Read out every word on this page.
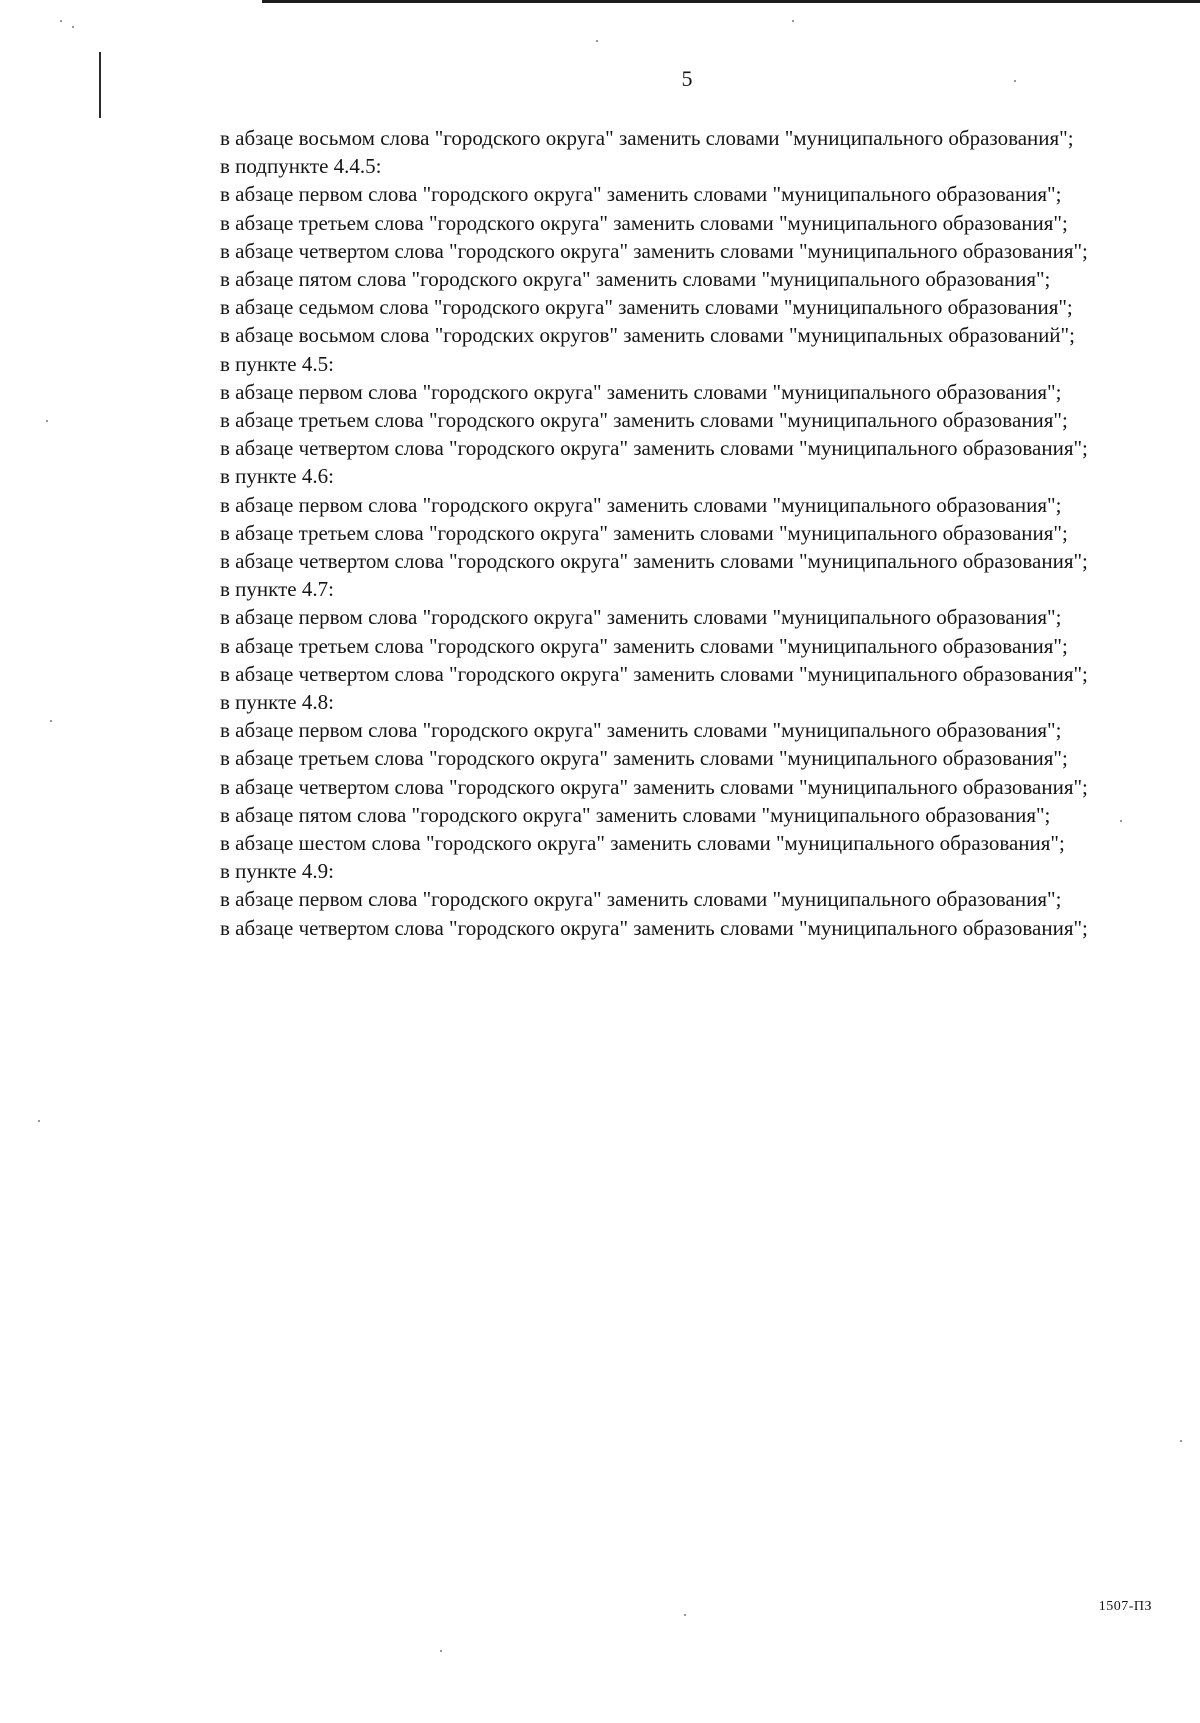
5

в абзаце восьмом слова "городского округа" заменить словами "муниципального образования";

в подпункте 4.4.5:

в абзаце первом слова "городского округа" заменить словами "муниципального образования";

в абзаце третьем слова "городского округа" заменить словами "муниципального образования";

в абзаце четвертом слова "городского округа" заменить словами "муниципального образования";

в абзаце пятом слова "городского округа" заменить словами "муниципального образования";

в абзаце седьмом слова "городского округа" заменить словами "муниципального образования";

в абзаце восьмом слова "городских округов" заменить словами "муниципальных образований";

в пункте 4.5:

в абзаце первом слова "городского округа" заменить словами "муниципального образования";

в абзаце третьем слова "городского округа" заменить словами "муниципального образования";

в абзаце четвертом слова "городского округа" заменить словами "муниципального образования";

в пункте 4.6:

в абзаце первом слова "городского округа" заменить словами "муниципального образования";

в абзаце третьем слова "городского округа" заменить словами "муниципального образования";

в абзаце четвертом слова "городского округа" заменить словами "муниципального образования";

в пункте 4.7:

в абзаце первом слова "городского округа" заменить словами "муниципального образования";

в абзаце третьем слова "городского округа" заменить словами "муниципального образования";

в абзаце четвертом слова "городского округа" заменить словами "муниципального образования";

в пункте 4.8:

в абзаце первом слова "городского округа" заменить словами "муниципального образования";

в абзаце третьем слова "городского округа" заменить словами "муниципального образования";

в абзаце четвертом слова "городского округа" заменить словами "муниципального образования";

в абзаце пятом слова "городского округа" заменить словами "муниципального образования";

в абзаце шестом слова "городского округа" заменить словами "муниципального образования";

в пункте 4.9:

в абзаце первом слова "городского округа" заменить словами "муниципального образования";

в абзаце четвертом слова "городского округа" заменить словами "муниципального образования";

1507-ПЗ
